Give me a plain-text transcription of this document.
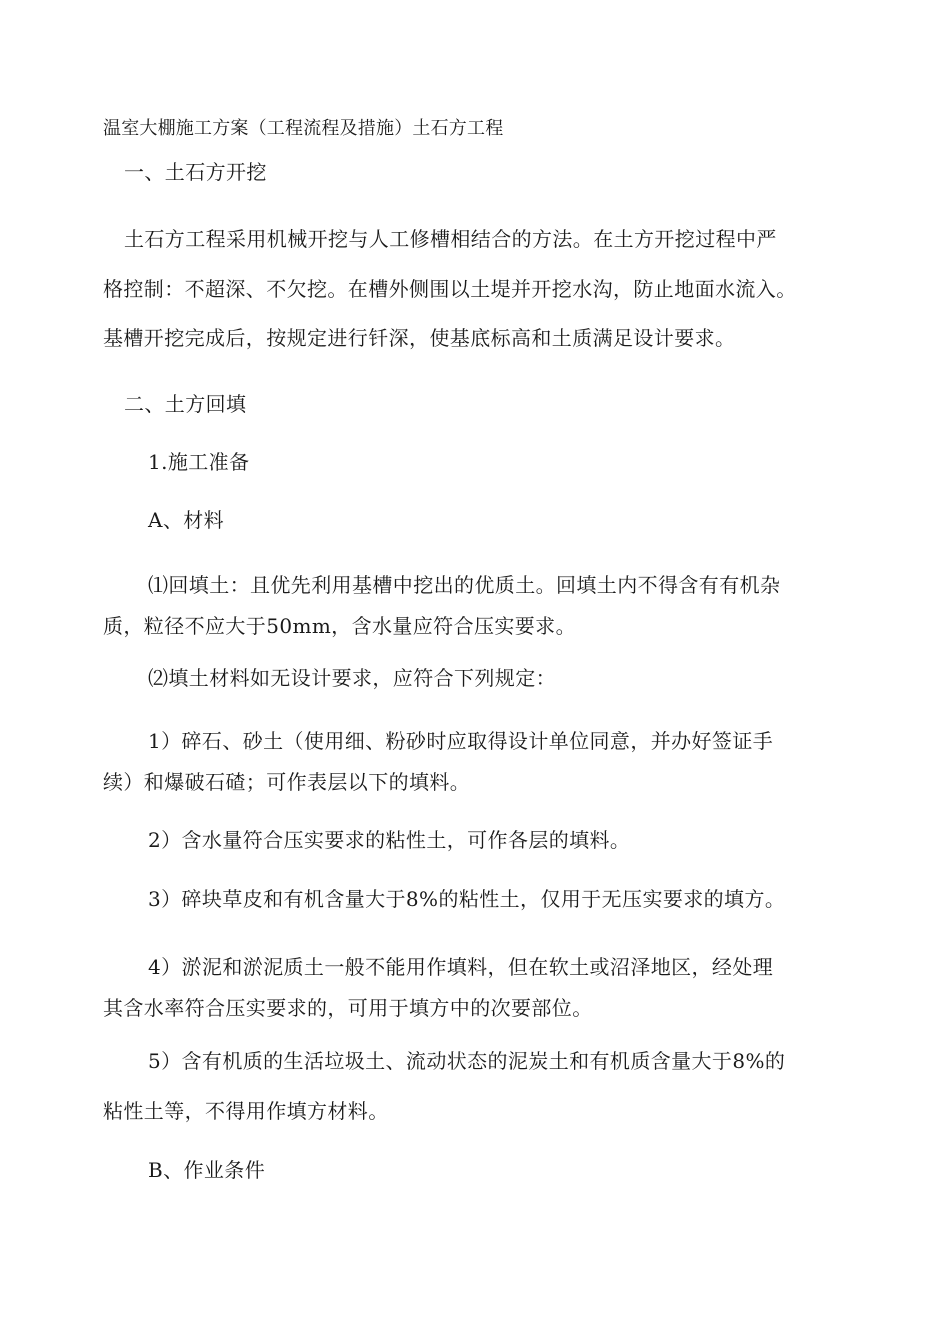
温室大棚施工方案（工程流程及措施）土石方工程
一、土石方开挖
土石方工程采用机械开挖与人工修槽相结合的方法。在土方开挖过程中严
格控制：不超深、不欠挖。在槽外侧围以土堤并开挖水沟，防止地面水流入。
基槽开挖完成后，按规定进行钎深，使基底标高和土质满足设计要求。
二、土方回填
1.施工准备
A、材料
⑴回填土：且优先利用基槽中挖出的优质土。回填土内不得含有有机杂
质，粒径不应大于50mm，含水量应符合压实要求。
⑵填土材料如无设计要求，应符合下列规定：
1）碎石、砂土（使用细、粉砂时应取得设计单位同意，并办好签证手
续）和爆破石碴；可作表层以下的填料。
2）含水量符合压实要求的粘性土，可作各层的填料。
3）碎块草皮和有机含量大于8%的粘性土，仅用于无压实要求的填方。
4）淤泥和淤泥质土一般不能用作填料，但在软土或沼泽地区，经处理
其含水率符合压实要求的，可用于填方中的次要部位。
5）含有机质的生活垃圾土、流动状态的泥炭土和有机质含量大于8%的
粘性土等，不得用作填方材料。
B、作业条件
